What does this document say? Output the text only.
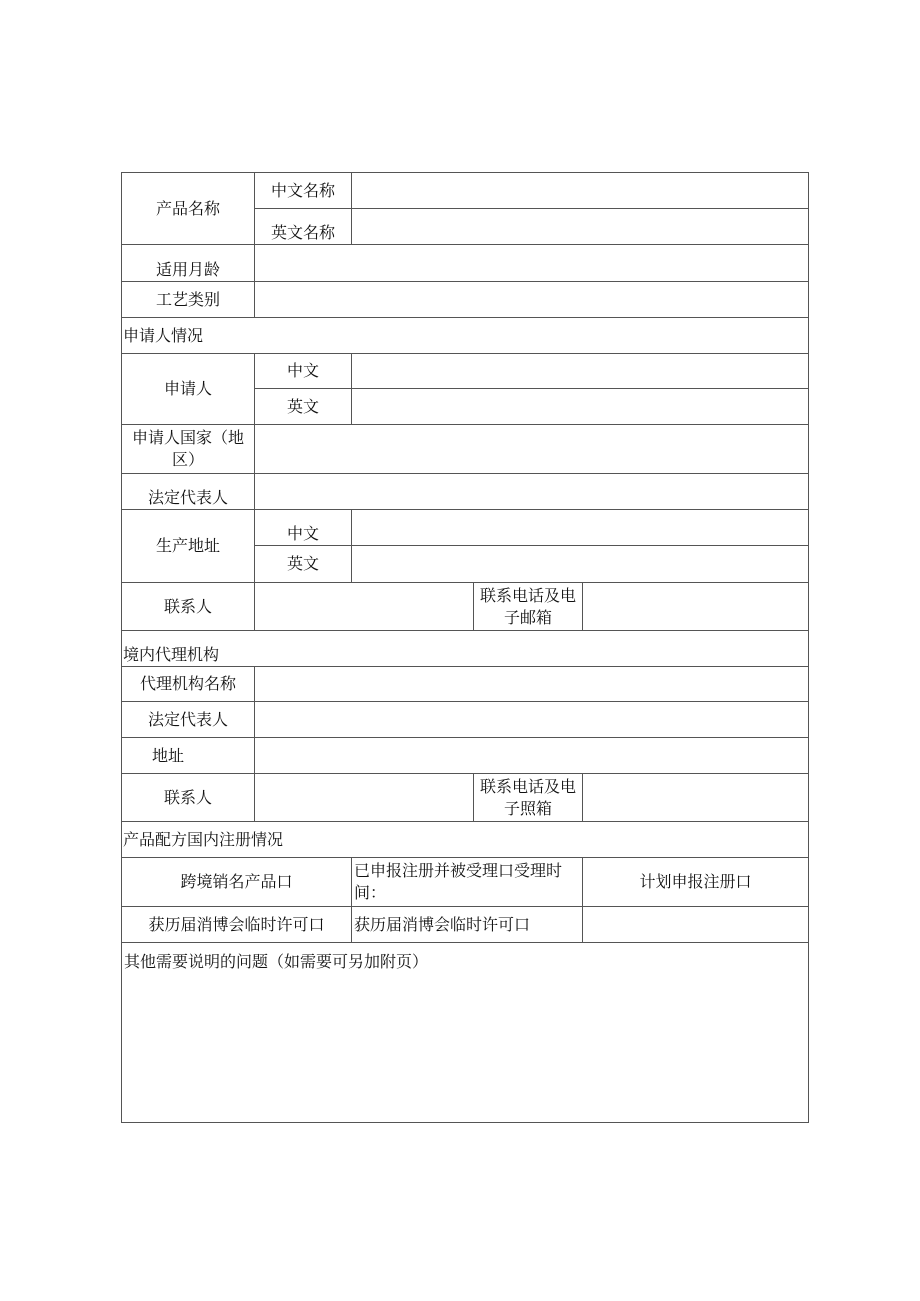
产品名称	中文名称			
	英文名称			
适用月龄				
工艺类别				
申请人情况				
申请人	中文			
	英文			
申请人国家（地区）				
法定代表人				
生产地址	中文			
	英文			
联系人			联系电话及电子邮箱	
境内代理机构				
代理机构名称				
法定代表人				
地址				
联系人			联系电话及电子照箱	
产品配方国内注册情况				
跨境销名产品口		已申报注册并被受理口受理时间：		计划申报注册口
获历届消博会临时许可口		获历届消博会临时许可口		
其他需要说明的问题（如需要可另加附页）				
